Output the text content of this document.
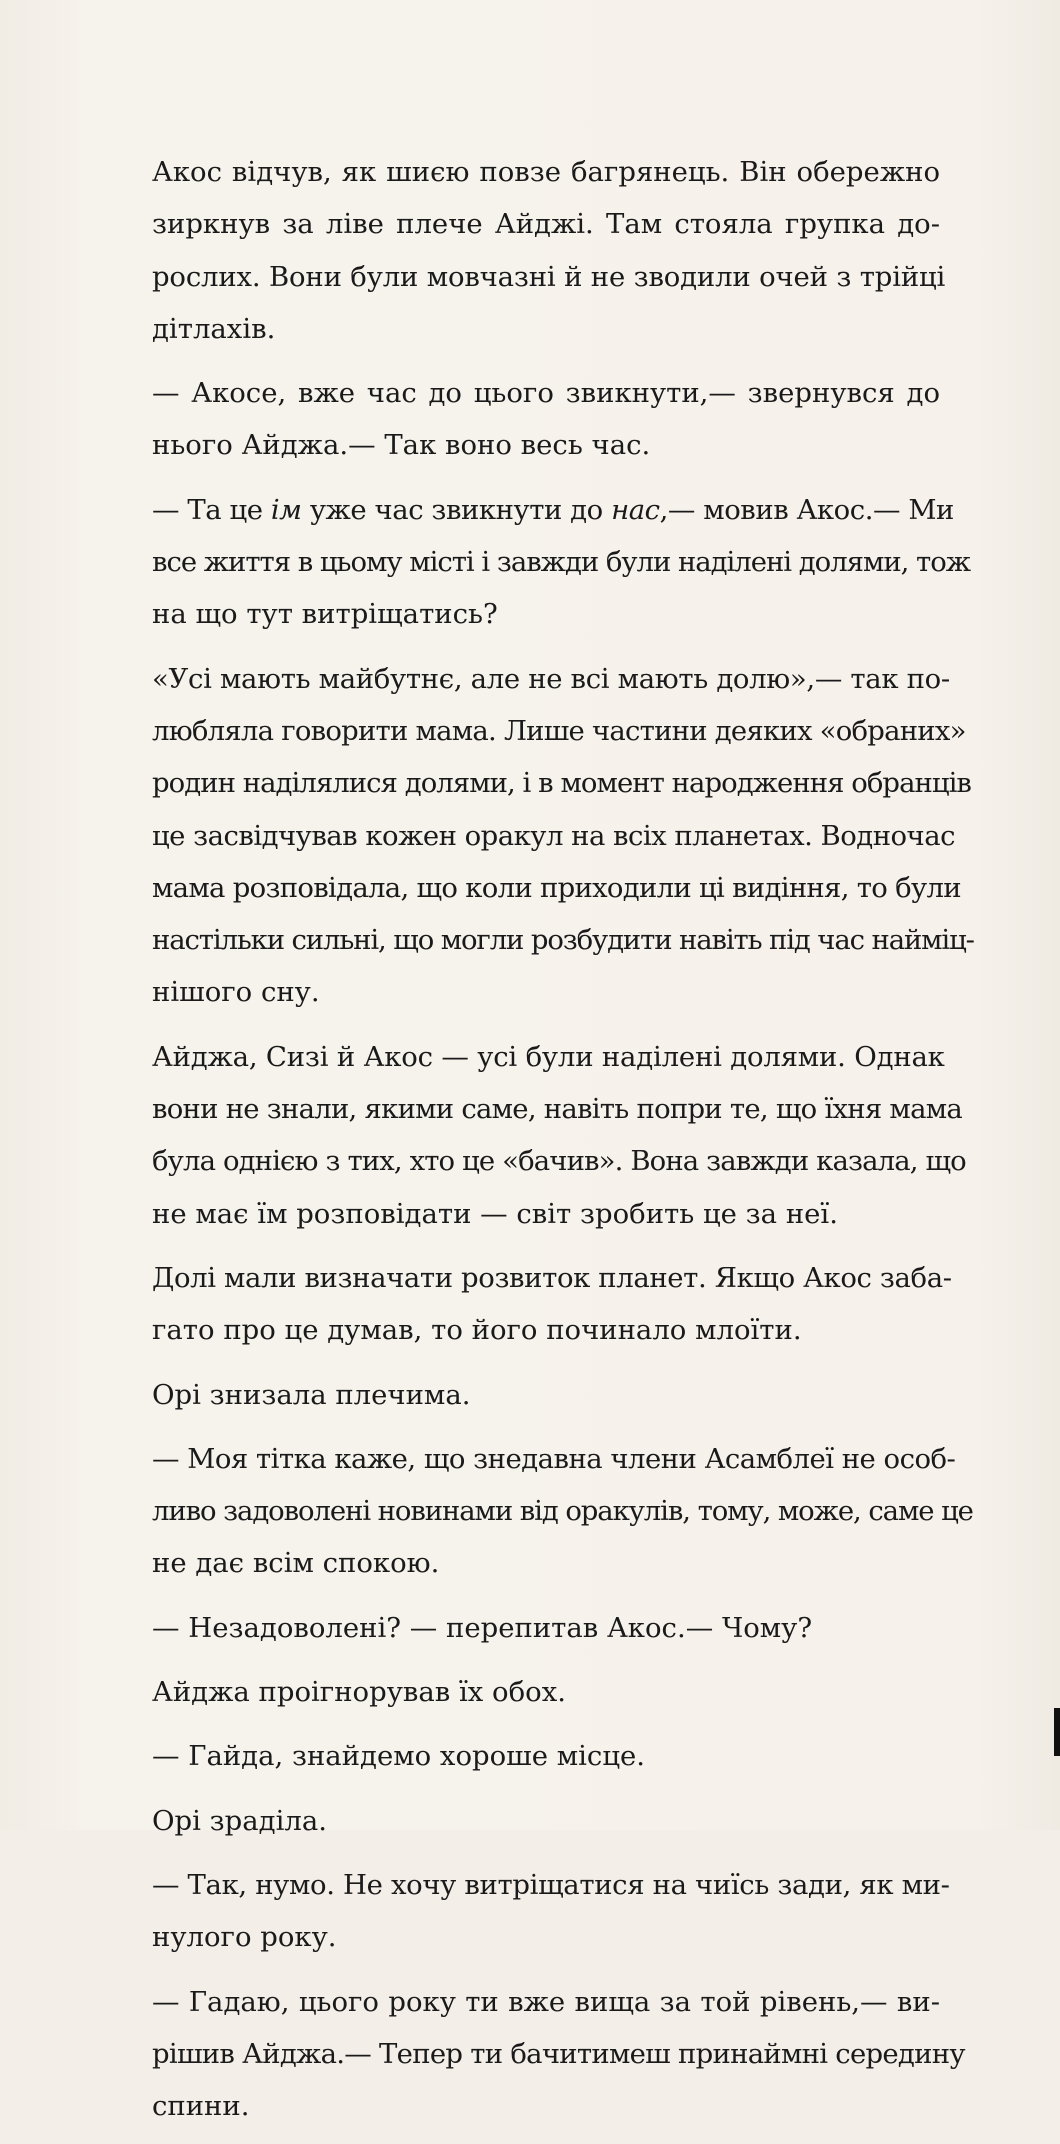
Акос відчув, як шиєю повзе багрянець. Він обережно
зиркнув за ліве плече Айджі. Там стояла групка до-
рослих. Вони були мовчазні й не зводили очей з трійці
дітлахів.

— Акосе, вже час до цього звикнути,— звернувся до
нього Айджа.— Так воно весь час.

— Та це ім уже час звикнути до нас,— мовив Акос.— Ми
все життя в цьому місті і завжди були наділені долями, тож
на що тут витріщатись?

«Усі мають майбутнє, але не всі мають долю»,— так по-
любляла говорити мама. Лише частини деяких «обраних»
родин наділялися долями, і в момент народження обранців
це засвідчував кожен оракул на всіх планетах. Водночас
мама розповідала, що коли приходили ці видіння, то були
настільки сильні, що могли розбудити навіть під час найміц-
нішого сну.

Айджа, Сизі й Акос — усі були наділені долями. Однак
вони не знали, якими саме, навіть попри те, що їхня мама
була однією з тих, хто це «бачив». Вона завжди казала, що
не має їм розповідати — світ зробить це за неї.

Долі мали визначати розвиток планет. Якщо Акос заба-
гато про це думав, то його починало млоїти.

Орі знизала плечима.

— Моя тітка каже, що знедавна члени Асамблеї не особ-
ливо задоволені новинами від оракулів, тому, може, саме це
не дає всім спокою.

— Незадоволені? — перепитав Акос.— Чому?

Айджа проігнорував їх обох.

— Гайда, знайдемо хороше місце.

Орі зраділа.

— Так, нумо. Не хочу витріщатися на чиїсь зади, як ми-
нулого року.

— Гадаю, цього року ти вже вища за той рівень,— ви-
рішив Айджа.— Тепер ти бачитимеш принаймні середину
спини.
